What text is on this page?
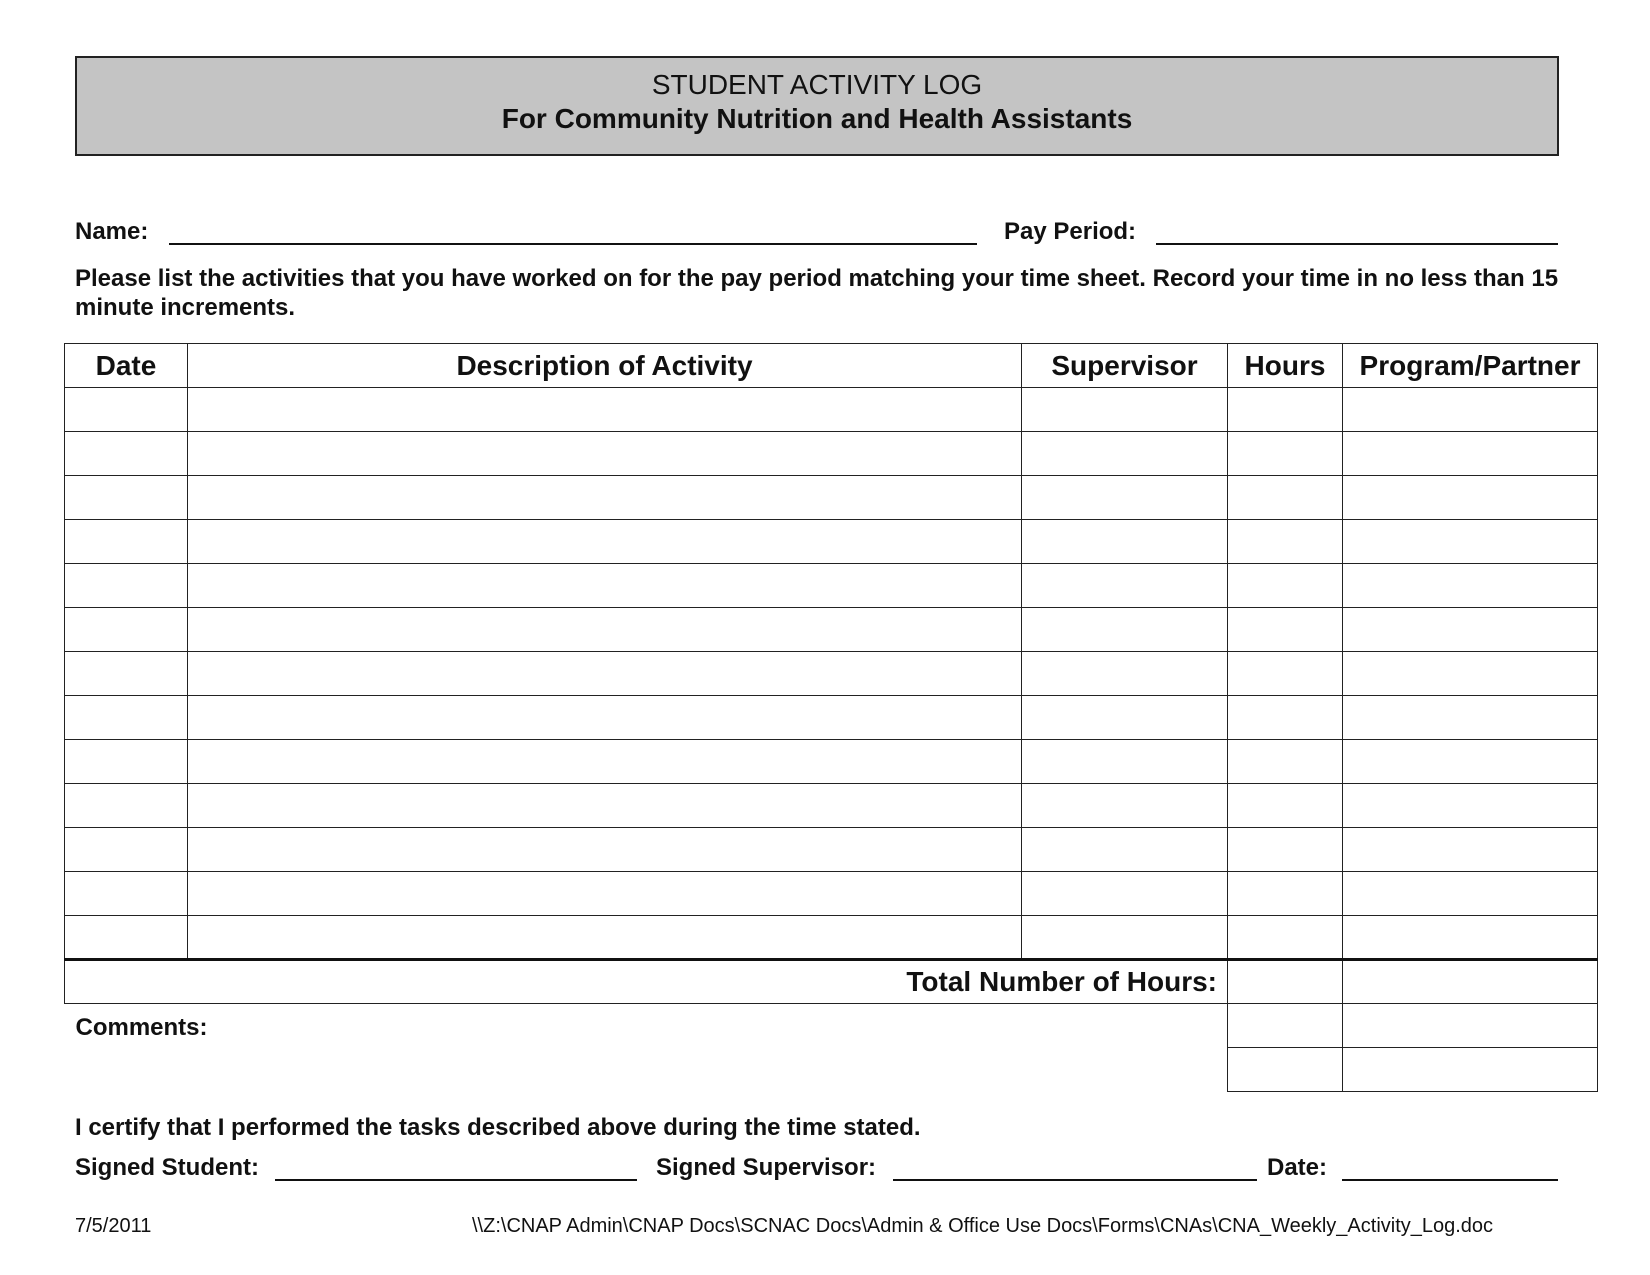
STUDENT ACTIVITY LOG
For Community Nutrition and Health Assistants
Name:	Pay Period:
Please list the activities that you have worked on for the pay period matching your time sheet. Record your time in no less than 15 minute increments.
Date	Description of Activity	Supervisor	Hours	Program/Partner

Total Number of Hours:				

Comments:				

I certify that I performed the tasks described above during the time stated.
Signed Student:	Signed Supervisor:	Date:
7/5/2011	\\Z:\CNAP Admin\CNAP Docs\SCNAC Docs\Admin & Office Use Docs\Forms\CNAs\CNA_Weekly_Activity_Log.doc
